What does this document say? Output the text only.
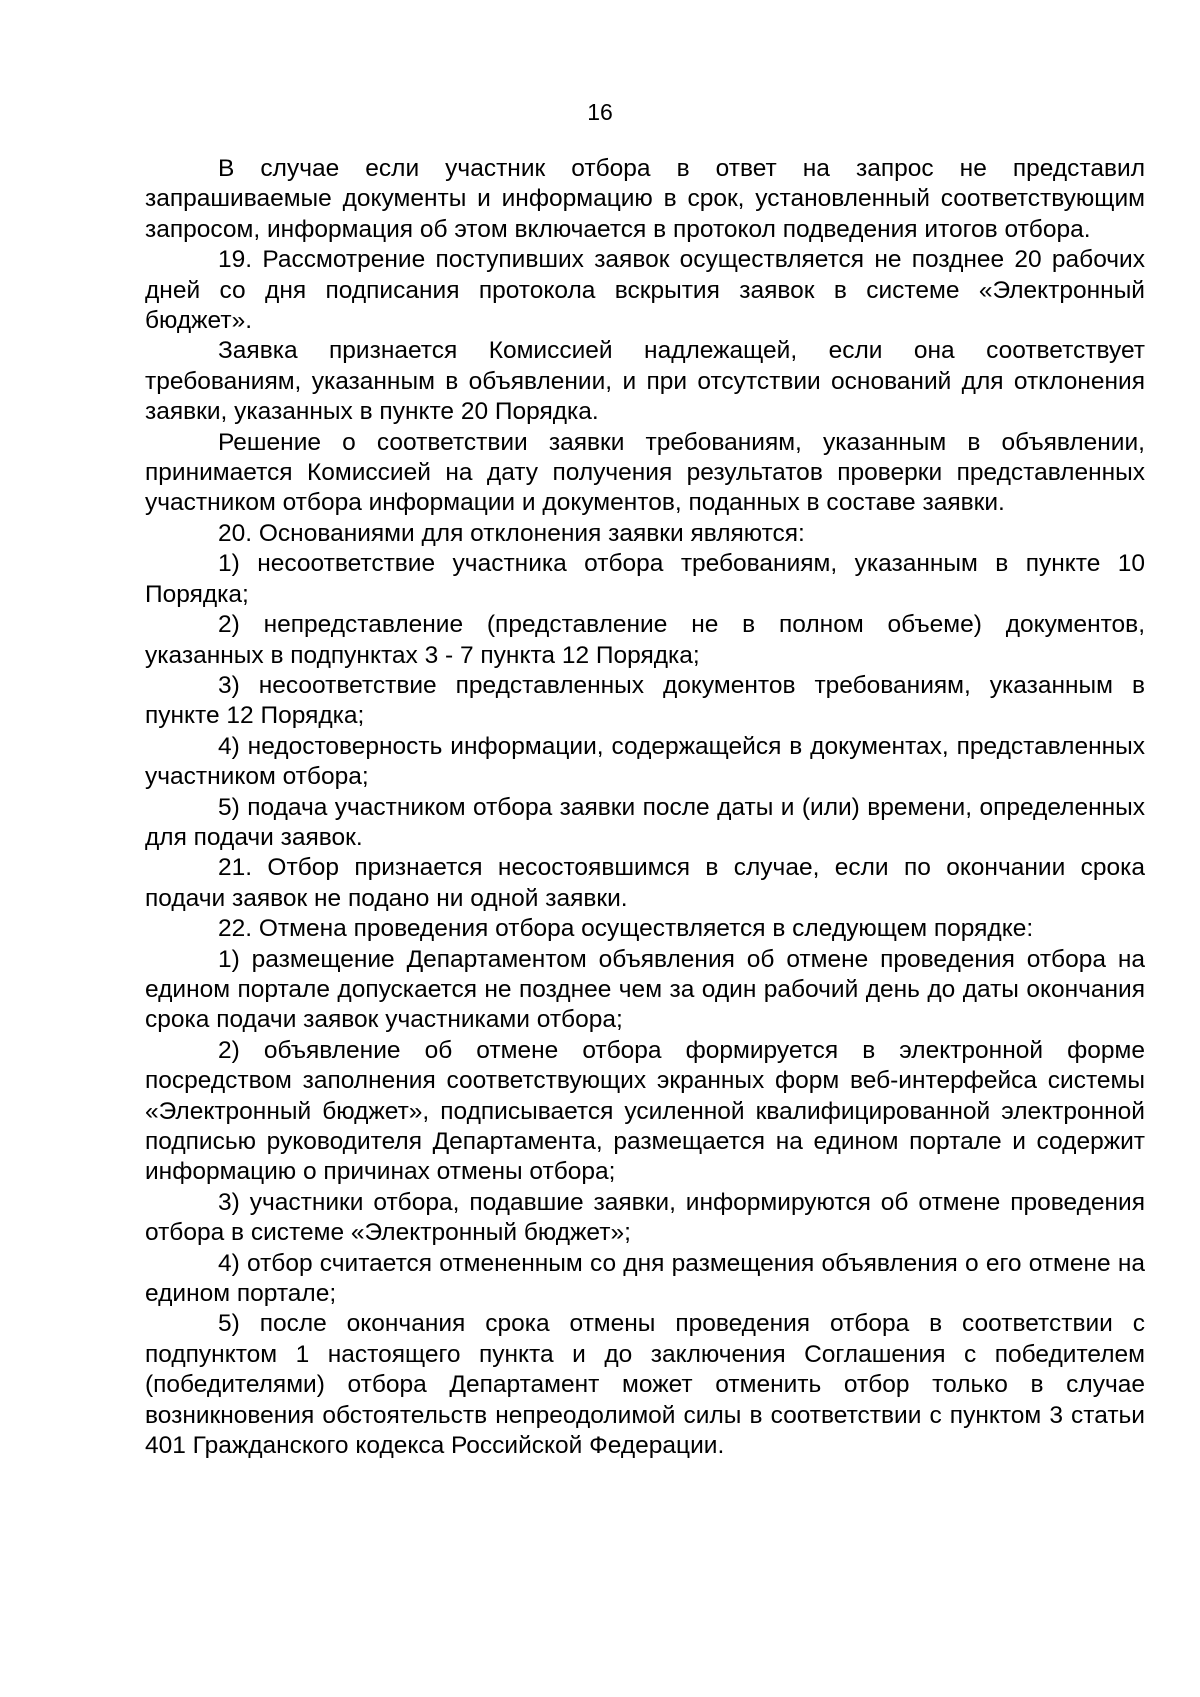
16

В случае если участник отбора в ответ на запрос не представил запрашиваемые документы и информацию в срок, установленный соответствующим запросом, информация об этом включается в протокол подведения итогов отбора.

19. Рассмотрение поступивших заявок осуществляется не позднее 20 рабочих дней со дня подписания протокола вскрытия заявок в системе «Электронный бюджет».

Заявка признается Комиссией надлежащей, если она соответствует требованиям, указанным в объявлении, и при отсутствии оснований для отклонения заявки, указанных в пункте 20 Порядка.

Решение о соответствии заявки требованиям, указанным в объявлении, принимается Комиссией на дату получения результатов проверки представленных участником отбора информации и документов, поданных в составе заявки.

20. Основаниями для отклонения заявки являются:

1) несоответствие участника отбора требованиям, указанным в пункте 10 Порядка;

2) непредставление (представление не в полном объеме) документов, указанных в подпунктах 3 - 7 пункта 12 Порядка;

3) несоответствие представленных документов требованиям, указанным в пункте 12 Порядка;

4) недостоверность информации, содержащейся в документах, представленных участником отбора;

5) подача участником отбора заявки после даты и (или) времени, определенных для подачи заявок.

21. Отбор признается несостоявшимся в случае, если по окончании срока подачи заявок не подано ни одной заявки.

22. Отмена проведения отбора осуществляется в следующем порядке:

1) размещение Департаментом объявления об отмене проведения отбора на едином портале допускается не позднее чем за один рабочий день до даты окончания срока подачи заявок участниками отбора;

2) объявление об отмене отбора формируется в электронной форме посредством заполнения соответствующих экранных форм веб-интерфейса системы «Электронный бюджет», подписывается усиленной квалифицированной электронной подписью руководителя Департамента, размещается на едином портале и содержит информацию о причинах отмены отбора;

3) участники отбора, подавшие заявки, информируются об отмене проведения отбора в системе «Электронный бюджет»;

4) отбор считается отмененным со дня размещения объявления о его отмене на едином портале;

5) после окончания срока отмены проведения отбора в соответствии с подпунктом 1 настоящего пункта и до заключения Соглашения с победителем (победителями) отбора Департамент может отменить отбор только в случае возникновения обстоятельств непреодолимой силы в соответствии с пунктом 3 статьи 401 Гражданского кодекса Российской Федерации.
